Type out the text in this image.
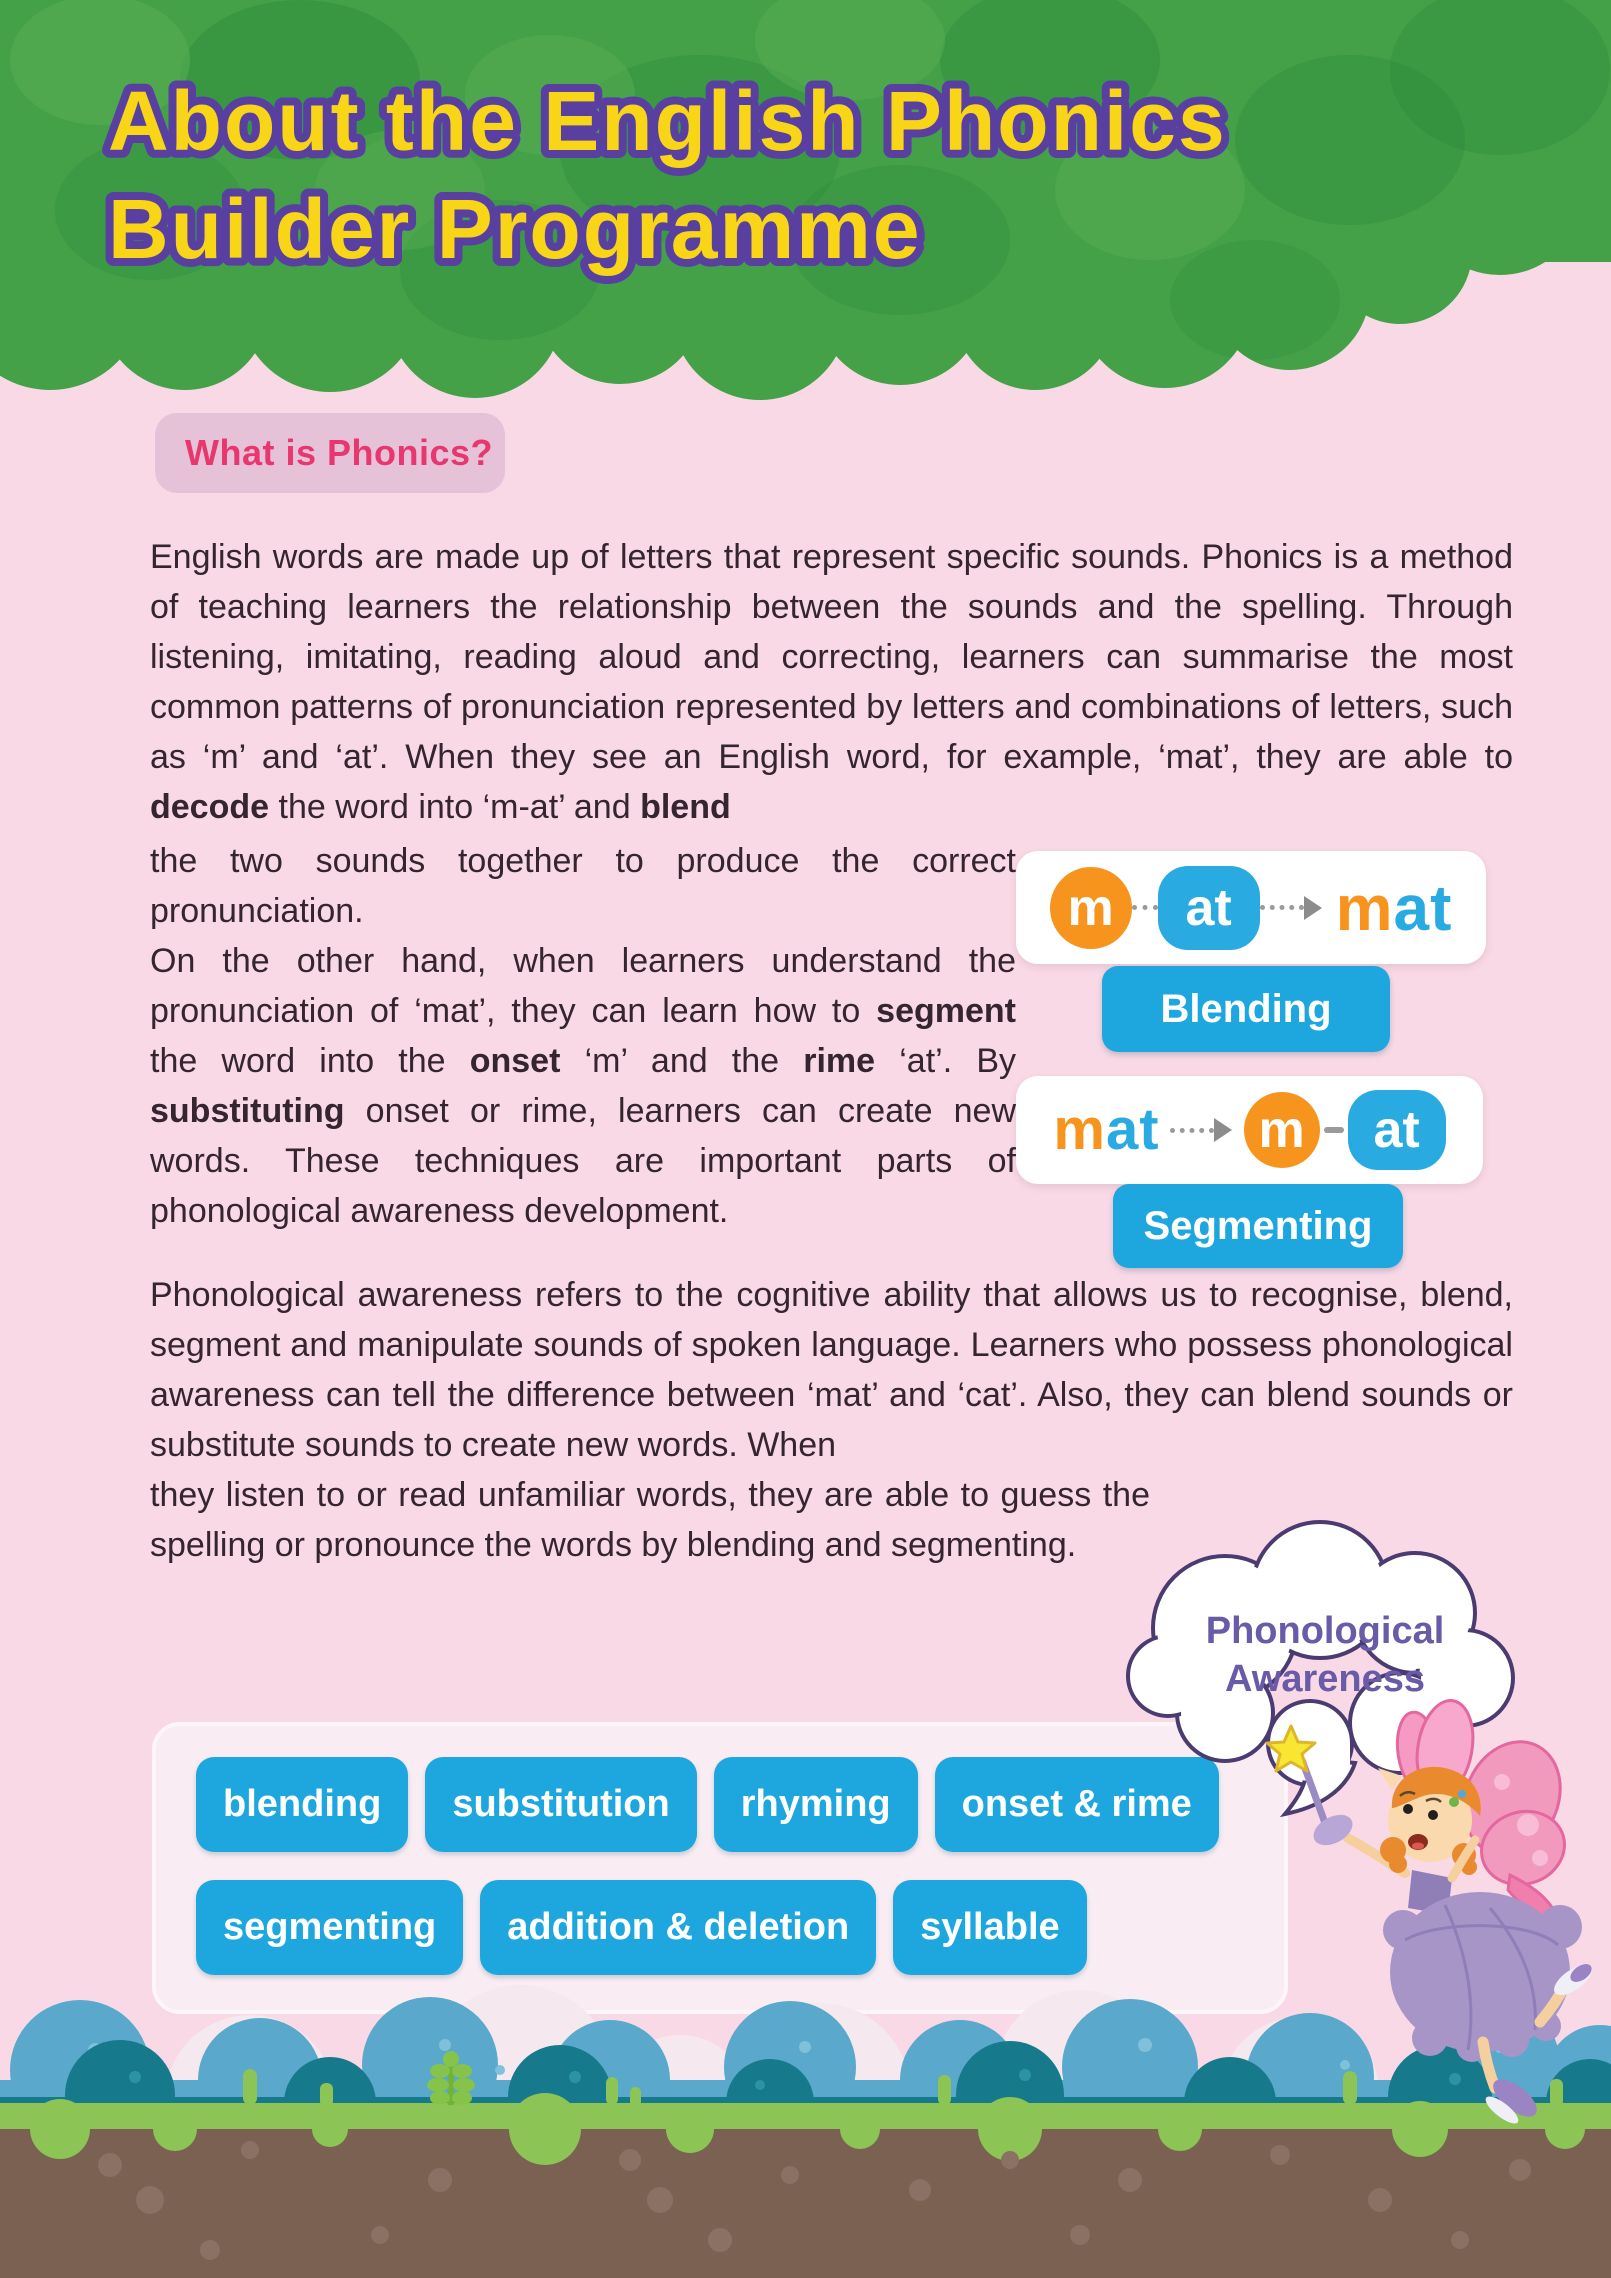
About the English Phonics
Builder Programme
What is Phonics?

English words are made up of letters that represent specific sounds. Phonics is a method of teaching learners the relationship between the sounds and the spelling. Through listening, imitating, reading aloud and correcting, learners can summarise the most common patterns of pronunciation represented by letters and combinations of letters, such as ‘m’ and ‘at’. When they see an English word, for example, ‘mat’, they are able to decode the word into ‘m-at’ and blend

the two sounds together to produce the correct pronunciation.

On the other hand, when learners understand the pronunciation of ‘mat’, they can learn how to segment the word into the onset ‘m’ and the rime ‘at’. By substituting onset or rime, learners can create new words. These techniques are important parts of phonological awareness development.

m at mat
Blending
mat m at
Segmenting

Phonological awareness refers to the cognitive ability that allows us to recognise, blend, segment and manipulate sounds of spoken language. Learners who possess phonological awareness can tell the difference between ‘mat’ and ‘cat’. Also, they can blend sounds or substitute sounds to create new words. When

they listen to or read unfamiliar words, they are able to guess the spelling or pronounce the words by blending and segmenting.

Phonological
Awareness
blending	substitution	rhyming	onset & rime
segmenting	addition & deletion	syllable
